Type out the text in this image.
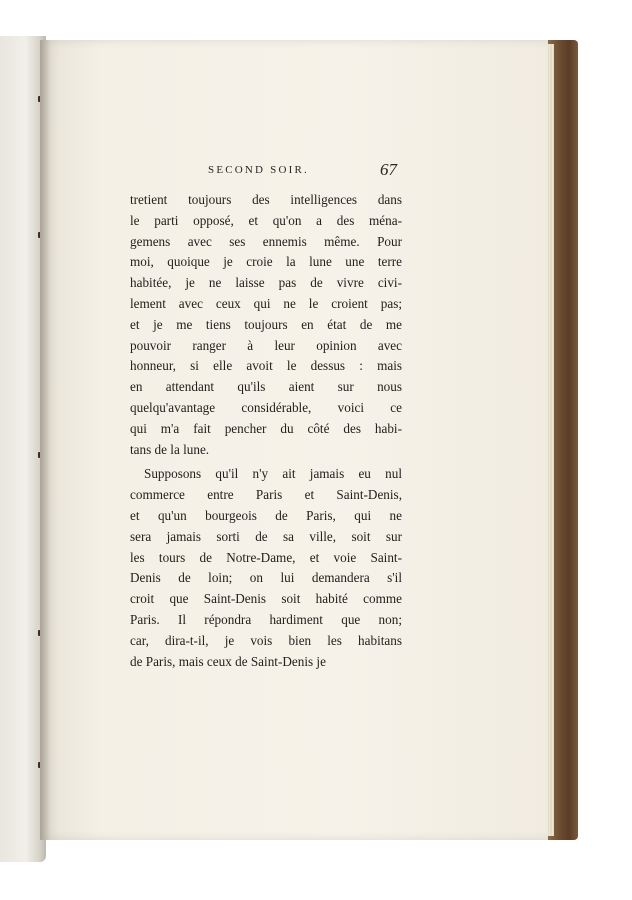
SECOND SOIR.	67
tretient toujours des intelligences dans
le parti opposé, et qu'on a des ména-
gemens avec ses ennemis même. Pour
moi, quoique je croie la lune une terre
habitée, je ne laisse pas de vivre civi-
lement avec ceux qui ne le croient pas;
et je me tiens toujours en état de me
pouvoir ranger à leur opinion avec
honneur, si elle avoit le dessus : mais
en attendant qu'ils aient sur nous
quelqu'avantage considérable, voici ce
qui m'a fait pencher du côté des habi-
tans de la lune.
Supposons qu'il n'y ait jamais eu nul
commerce entre Paris et Saint-Denis,
et qu'un bourgeois de Paris, qui ne
sera jamais sorti de sa ville, soit sur
les tours de Notre-Dame, et voie Saint-
Denis de loin; on lui demandera s'il
croit que Saint-Denis soit habité comme
Paris. Il répondra hardiment que non;
car, dira-t-il, je vois bien les habitans
de Paris, mais ceux de Saint-Denis je
